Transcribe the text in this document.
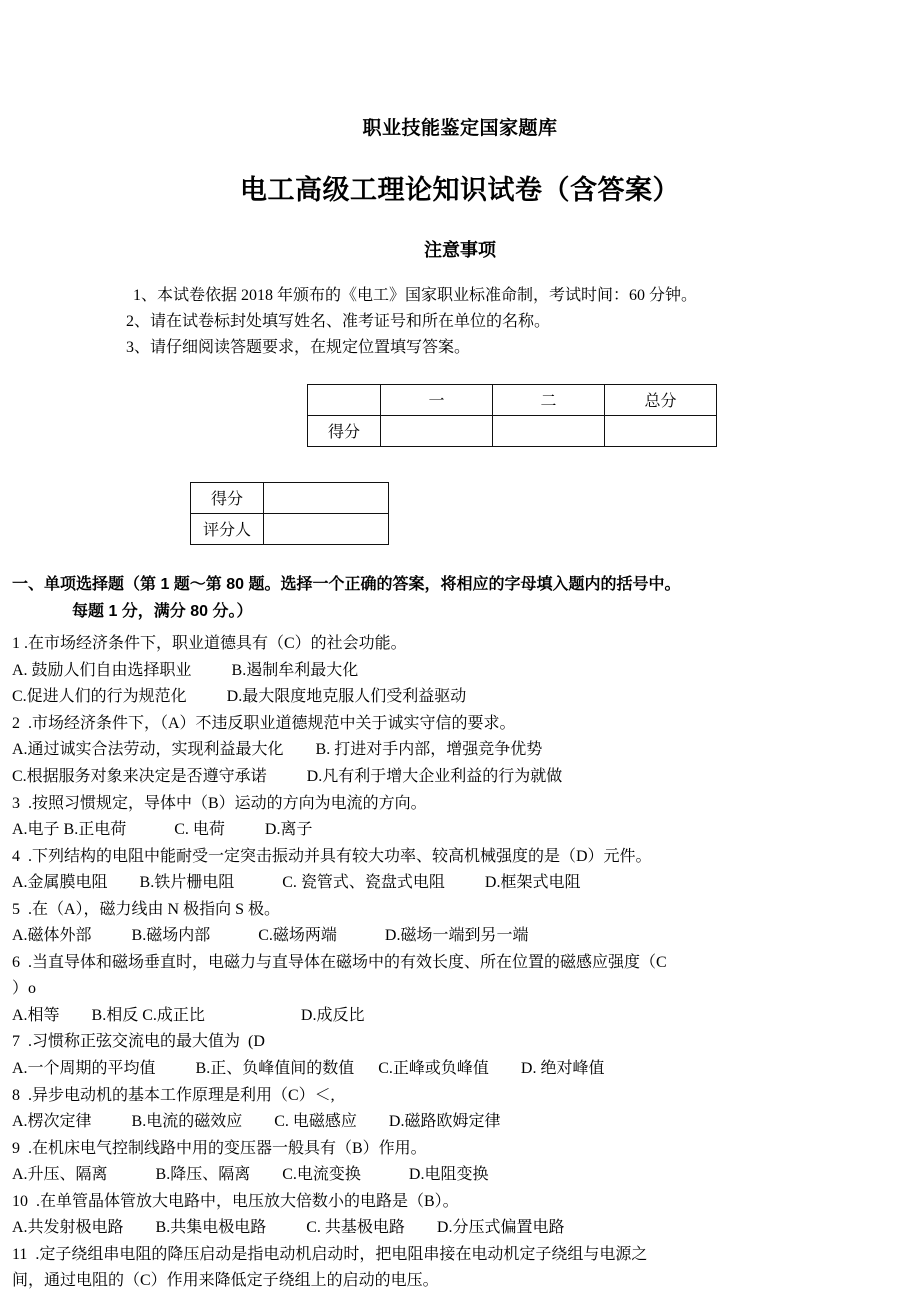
职业技能鉴定国家题库
电工高级工理论知识试卷（含答案）
注意事项
1、本试卷依据 2018 年颁布的《电工》国家职业标准命制，考试时间：60 分钟。
2、请在试卷标封处填写姓名、准考证号和所在单位的名称。
3、请仔细阅读答题要求，在规定位置填写答案。
	一	二	总分
得分			
得分	
评分人	
一、单项选择题（第 1 题～第 80 题。选择一个正确的答案，将相应的字母填入题内的括号中。
每题 1 分，满分 80 分。）
1 .在市场经济条件下，职业道德具有（C）的社会功能。
A. 鼓励人们自由选择职业          B.遏制牟利最大化
C.促进人们的行为规范化          D.最大限度地克服人们受利益驱动
2  .市场经济条件下，（A）不违反职业道德规范中关于诚实守信的要求。
A.通过诚实合法劳动，实现利益最大化        B. 打进对手内部，增强竞争优势
C.根据服务对象来决定是否遵守承诺          D.凡有利于增大企业利益的行为就做
3  .按照习惯规定，导体中（B）运动的方向为电流的方向。
A.电子 B.正电荷            C. 电荷          D.离子
4  .下列结构的电阻中能耐受一定突击振动并具有较大功率、较高机械强度的是（D）元件。
A.金属膜电阻        B.铁片栅电阻            C. 瓷管式、瓷盘式电阻          D.框架式电阻
5  .在（A），磁力线由 N 极指向 S 极。
A.磁体外部          B.磁场内部            C.磁场两端            D.磁场一端到另一端
6  .当直导体和磁场垂直时，电磁力与直导体在磁场中的有效长度、所在位置的磁感应强度（C
）o
A.相等        B.相反 C.成正比                        D.成反比
7  .习惯称正弦交流电的最大值为  (D
A.一个周期的平均值          B.正、负峰值间的数值      C.正峰或负峰值        D. 绝对峰值
8  .异步电动机的基本工作原理是利用（C）＜,
A.楞次定律          B.电流的磁效应        C. 电磁感应        D.磁路欧姆定律
9  .在机床电气控制线路中用的变压器一般具有（B）作用。
A.升压、隔离            B.降压、隔离        C.电流变换            D.电阻变换
10  .在单管晶体管放大电路中，电压放大倍数小的电路是（B）。
A.共发射极电路        B.共集电极电路          C. 共基极电路        D.分压式偏置电路
11  .定子绕组串电阻的降压启动是指电动机启动时，把电阻串接在电动机定子绕组与电源之
间，通过电阻的（C）作用来降低定子绕组上的启动的电压。
